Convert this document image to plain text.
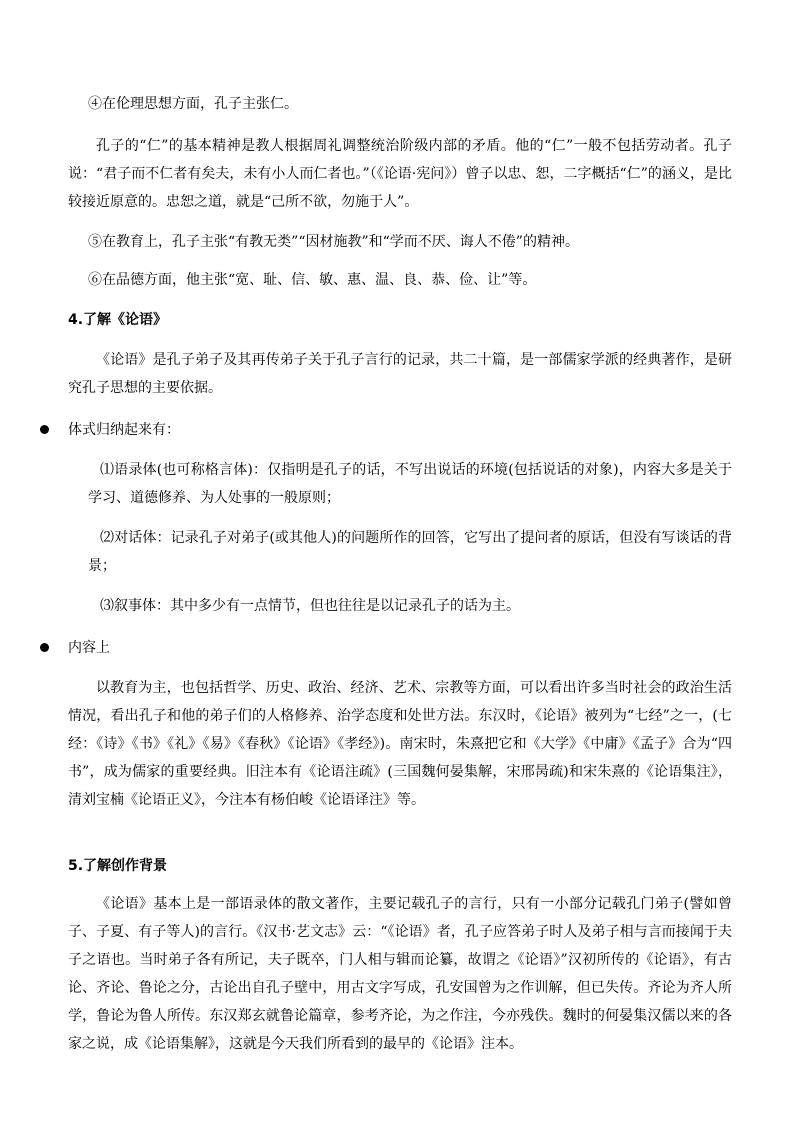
④在伦理思想方面，孔子主张仁。

孔子的“仁”的基本精神是教人根据周礼调整统治阶级内部的矛盾。他的“仁”一般不包括劳动者。孔子说：“君子而不仁者有矣夫，未有小人而仁者也。”（《论语·宪问》）曾子以忠、恕，二字概括“仁”的涵义，是比较接近原意的。忠恕之道，就是“己所不欲，勿施于人”。

⑤在教育上，孔子主张“有教无类”“因材施教”和“学而不厌、诲人不倦”的精神。

⑥在品德方面，他主张“宽、耻、信、敏、惠、温、良、恭、俭、让”等。

4.了解《论语》

《论语》是孔子弟子及其再传弟子关于孔子言行的记录，共二十篇，是一部儒家学派的经典著作，是研究孔子思想的主要依据。

体式归纳起来有：

⑴语录体(也可称格言体)：仅指明是孔子的话，不写出说话的环境(包括说话的对象)，内容大多是关于学习、道德修养、为人处事的一般原则；

⑵对话体：记录孔子对弟子(或其他人)的问题所作的回答，它写出了提问者的原话，但没有写谈话的背景；

⑶叙事体：其中多少有一点情节，但也往往是以记录孔子的话为主。

内容上

以教育为主，也包括哲学、历史、政治、经济、艺术、宗教等方面，可以看出许多当时社会的政治生活情况，看出孔子和他的弟子们的人格修养、治学态度和处世方法。东汉时，《论语》被列为“七经”之一，(七经：《诗》《书》《礼》《易》《春秋》《论语》《孝经》)。南宋时，朱熹把它和《大学》《中庸》《孟子》合为“四书”，成为儒家的重要经典。旧注本有《论语注疏》(三国魏何晏集解，宋邢昺疏)和宋朱熹的《论语集注》，清刘宝楠《论语正义》，今注本有杨伯峻《论语译注》等。

5.了解创作背景

《论语》基本上是一部语录体的散文著作，主要记载孔子的言行，只有一小部分记载孔门弟子(譬如曾子、子夏、有子等人)的言行。《汉书·艺文志》云：“《论语》者，孔子应答弟子时人及弟子相与言而接闻于夫子之语也。当时弟子各有所记，夫子既卒，门人相与辑而论纂，故谓之《论语》”汉初所传的《论语》，有古论、齐论、鲁论之分，古论出自孔子壁中，用古文字写成，孔安国曾为之作训解，但已失传。齐论为齐人所学，鲁论为鲁人所传。东汉郑玄就鲁论篇章，参考齐论，为之作注，今亦残佚。魏时的何晏集汉儒以来的各家之说，成《论语集解》，这就是今天我们所看到的最早的《论语》注本。
